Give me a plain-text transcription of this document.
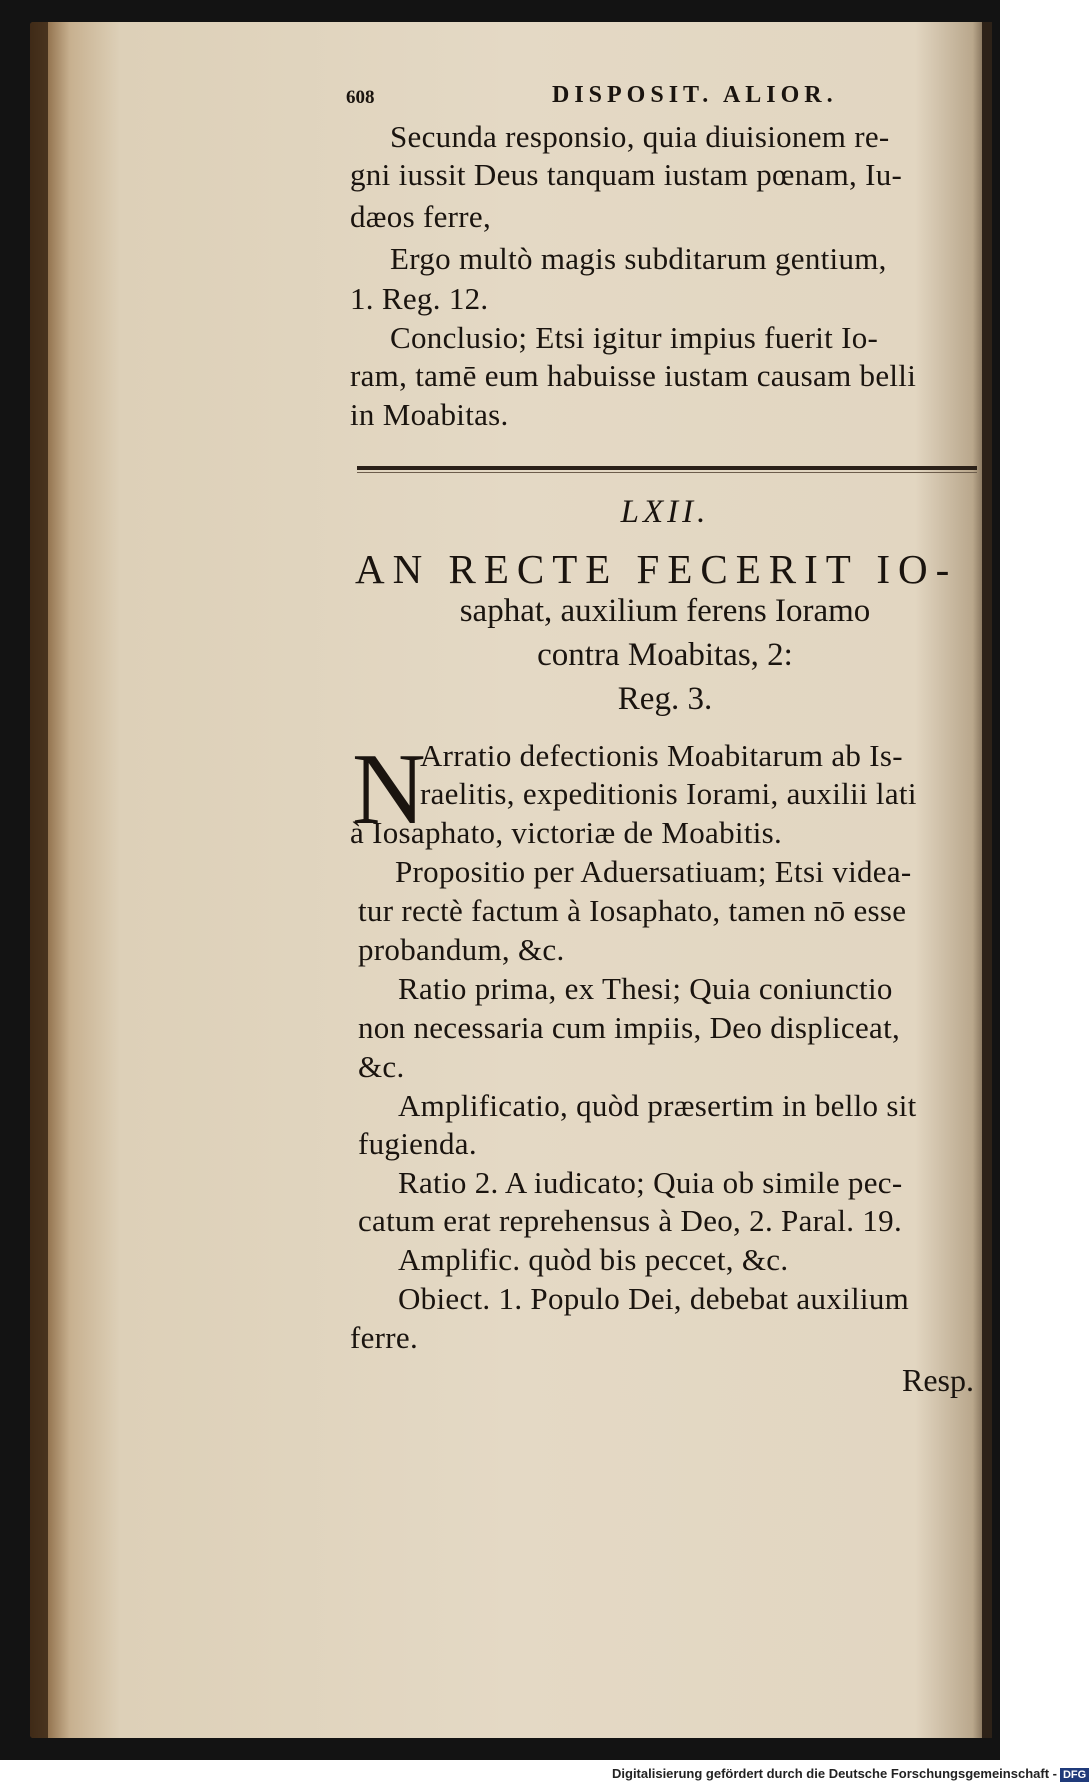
608	DISPOSIT. ALIOR.
Secunda responsio, quia diuisionem re-
gni iussit Deus tanquam iustam pœnam, Iu-
dæos ferre,
Ergo multò magis subditarum gentium,
1. Reg. 12.
Conclusio; Etsi igitur impius fuerit Io-
ram, tamē eum habuisse iustam causam belli
in Moabitas.
LXII.
AN RECTE FECERIT IO-
saphat, auxilium ferens Ioramo
contra Moabitas, 2:
Reg. 3.
N
Arratio defectionis Moabitarum ab Is-
raelitis, expeditionis Iorami, auxilii lati
à Iosaphato, victoriæ de Moabitis.
Propositio per Aduersatiuam; Etsi videa-
tur rectè factum à Iosaphato, tamen nō esse
probandum, &c.
Ratio prima, ex Thesi; Quia coniunctio
non necessaria cum impiis, Deo displiceat,
&c.
Amplificatio, quòd præsertim in bello sit
fugienda.
Ratio 2. A iudicato; Quia ob simile pec-
catum erat reprehensus à Deo, 2. Paral. 19.
Amplific. quòd bis peccet, &c.
Obiect. 1. Populo Dei, debebat auxilium
ferre.
Resp.
Digitalisierung gefördert durch die Deutsche Forschungsgemeinschaft - DFG
